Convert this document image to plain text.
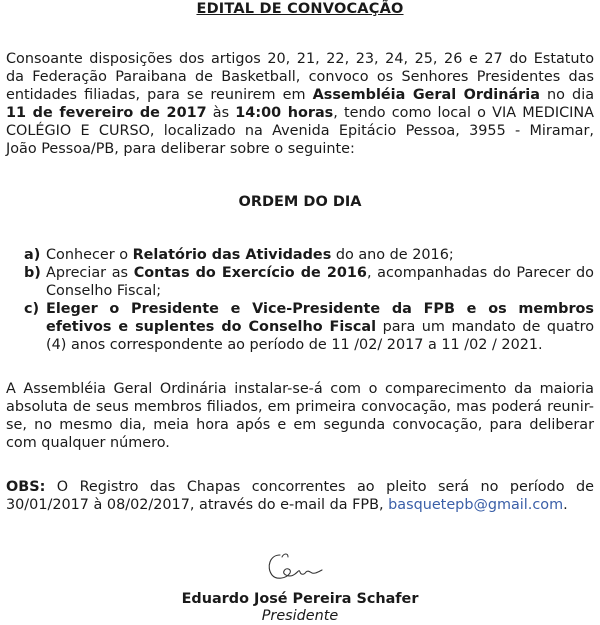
EDITAL DE CONVOCAÇÃO
Consoante disposições dos artigos 20, 21, 22, 23, 24, 25, 26 e 27 do Estatuto
da Federação Paraibana de Basketball, convoco os Senhores Presidentes das
entidades filiadas, para se reunirem em Assembléia Geral Ordinária no dia
11 de fevereiro de 2017 às 14:00 horas, tendo como local o VIA MEDICINA
COLÉGIO E CURSO, localizado na Avenida Epitácio Pessoa, 3955 - Miramar,
João Pessoa/PB, para deliberar sobre o seguinte:
ORDEM DO DIA
a) Conhecer o Relatório das Atividades do ano de 2016;
b) Apreciar as Contas do Exercício de 2016, acompanhadas do Parecer do Conselho Fiscal;
c) Eleger o Presidente e Vice-Presidente da FPB e os membros efetivos e suplentes do Conselho Fiscal para um mandato de quatro (4) anos correspondente ao período de 11 /02/ 2017 a 11 /02 / 2021.

A Assembléia Geral Ordinária instalar-se-á com o comparecimento da maioria absoluta de seus membros filiados, em primeira convocação, mas poderá reunir-se, no mesmo dia, meia hora após e em segunda convocação, para deliberar com qualquer número.

OBS: O Registro das Chapas concorrentes ao pleito será no período de 30/01/2017 à 08/02/2017, através do e-mail da FPB, basquetepb@gmail.com.

Eduardo José Pereira Schafer
Presidente
